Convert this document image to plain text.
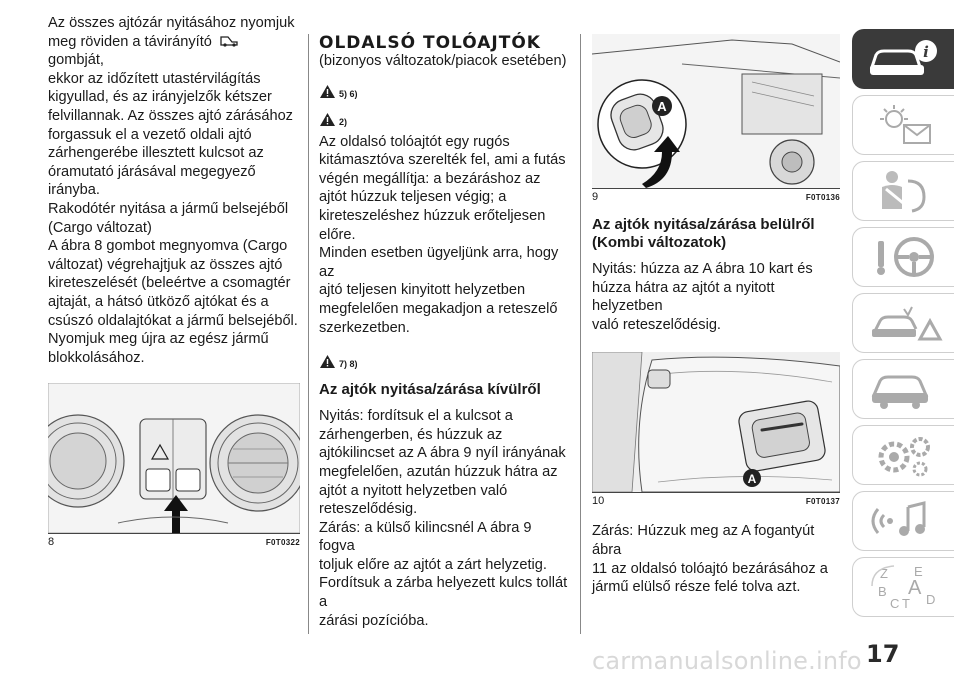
Az összes ajtózár nyitásához nyomjuk

meg röviden a távirányító  gombját,

ekkor az időzített utastérvilágítás

kigyullad, és az irányjelzők kétszer

felvillannak. Az összes ajtó zárásához

forgassuk el a vezető oldali ajtó

zárhengerébe illesztett kulcsot az

óramutató járásával megegyező

irányba.

Rakodótér nyitása a jármű belsejéből

(Cargo változat)

A ábra 8 gombot megnyomva (Cargo

változat) végrehajtjuk az összes ajtó

kireteszelését (beleértve a csomagtér

ajtaját, a hátsó ütköző ajtókat és a

csúszó oldalajtókat a jármű belsejéből.

Nyomjuk meg újra az egész jármű

blokkolásához.

8	F0T0322
OLDALSÓ TOLÓAJTÓK

(bizonyos változatok/piacok esetében)

5) 6)
2)

Az oldalsó tolóajtót egy rugós

kitámasztóva szerelték fel, ami a futás

végén megállítja: a bezáráshoz az

ajtót húzzuk teljesen végig; a

kireteszeléshez húzzuk erőteljesen

előre.

Minden esetben ügyeljünk arra, hogy az

ajtó teljesen kinyitott helyzetben

megfelelően megakadjon a reteszelő

szerkezetben.

7) 8)
Az ajtók nyitása/zárása kívülről

Nyitás: fordítsuk el a kulcsot a

zárhengerben, és húzzuk az

ajtókilincset az A ábra 9 nyíl irányának

megfelelően, azután húzzuk hátra az

ajtót a nyitott helyzetben való

reteszelődésig.

Zárás: a külső kilincsnél A ábra 9 fogva

toljuk előre az ajtót a zárt helyzetig.

Fordítsuk a zárba helyezett kulcs tollát a

zárási pozícióba.

A
9	F0T0136
Az ajtók nyitása/zárása belülről
(Kombi változatok)

Nyitás: húzza az A ábra 10 kart és

húzza hátra az ajtót a nyitott helyzetben

való reteszelődésig.

A
10	F0T0137

Zárás: Húzzuk meg az A fogantyút ábra

11 az oldalsó tolóajtó bezárásához a

jármű elülső része felé tolva azt.

i
Z E
A
B
C T D
carmanualsonline.info 17
